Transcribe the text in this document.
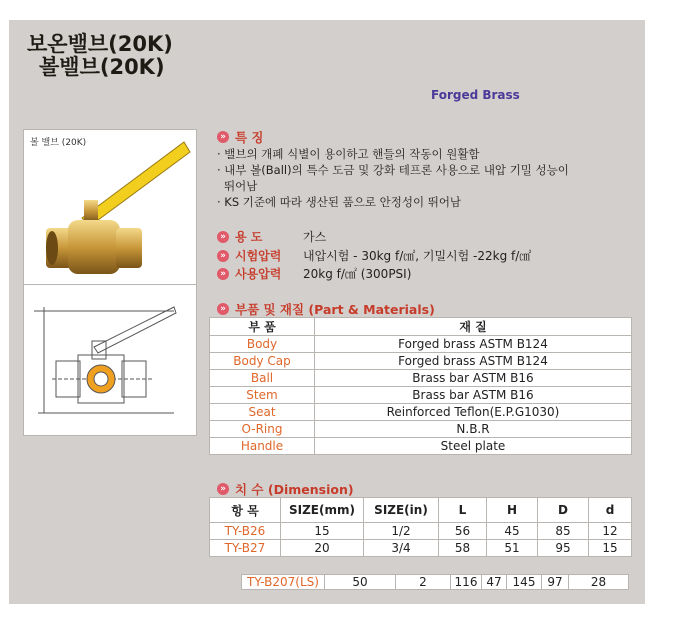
보온밸브(20K)
볼밸브(20K)
Forged Brass
볼 밸브 (20K)
» 특 징
· 밸브의 개폐 식별이 용이하고 핸들의 작동이 원활함
· 내부 볼(Ball)의 특수 도금 및 강화 테프론 사용으로 내압 기밀 성능이
뛰어남
· KS 기준에 따라 생산된 품으로 안정성이 뛰어남
» 용 도	가스
» 시험압력 내압시험 - 30kg f/㎠, 기밀시험 -22kg f/㎠
» 사용압력 20kg f/㎠ (300PSI)
» 부품 및 재질 (Part & Materials)
부 품	재 질
Body	Forged brass ASTM B124
Body Cap	Forged brass ASTM B124
Ball	Brass bar ASTM B16
Stem	Brass bar ASTM B16
Seat	Reinforced Teflon(E.P.G1030)
O-Ring	N.B.R
Handle	Steel plate
» 치 수 (Dimension)
항 목	SIZE(mm)	SIZE(in)	L	H	D	d
TY-B26	15	1/2	56	45	85	12
TY-B27	20	3/4	58	51	95	15
TY-B207(LS)	50	2	116	47	145	97	28
